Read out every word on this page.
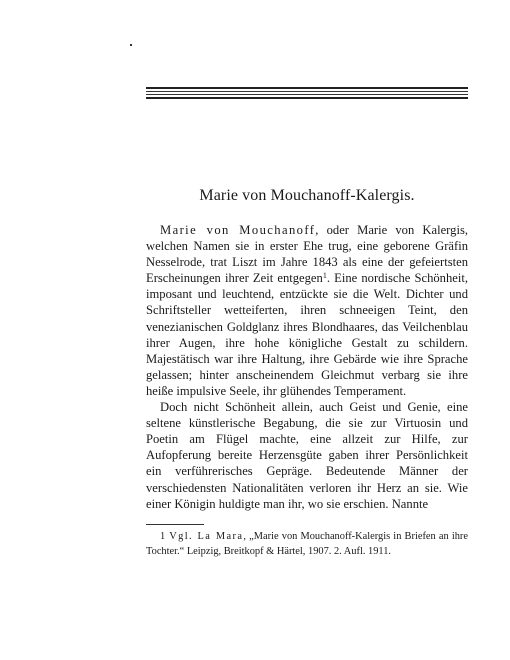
Marie von Mouchanoff-Kalergis.

Marie von Mouchanoff, oder Marie von Kalergis, welchen Namen sie in erster Ehe trug, eine geborene Gräfin Nesselrode, trat Liszt im Jahre 1843 als eine der gefeiertsten Erscheinungen ihrer Zeit entgegen$^1$. Eine nordische Schönheit, imposant und leuchtend, entzückte sie die Welt. Dichter und Schriftsteller wetteiferten, ihren schneeigen Teint, den venezianischen Goldglanz ihres Blondhaares, das Veilchenblau ihrer Augen, ihre hohe königliche Gestalt zu schildern. Majestätisch war ihre Haltung, ihre Gebärde wie ihre Sprache gelassen; hinter anscheinendem Gleichmut verbarg sie ihre heiße impulsive Seele, ihr glühendes Temperament.

Doch nicht Schönheit allein, auch Geist und Genie, eine seltene künstlerische Begabung, die sie zur Virtuosin und Poetin am Flügel machte, eine allzeit zur Hilfe, zur Aufopferung bereite Herzensgüte gaben ihrer Persönlichkeit ein verführerisches Gepräge. Bedeutende Männer der verschiedensten Nationalitäten verloren ihr Herz an sie. Wie einer Königin huldigte man ihr, wo sie erschien. Nannte

1 Vgl. La Mara, „Marie von Mouchanoff-Kalergis in Briefen an ihre Tochter.“ Leipzig, Breitkopf & Härtel, 1907. 2. Aufl. 1911.
